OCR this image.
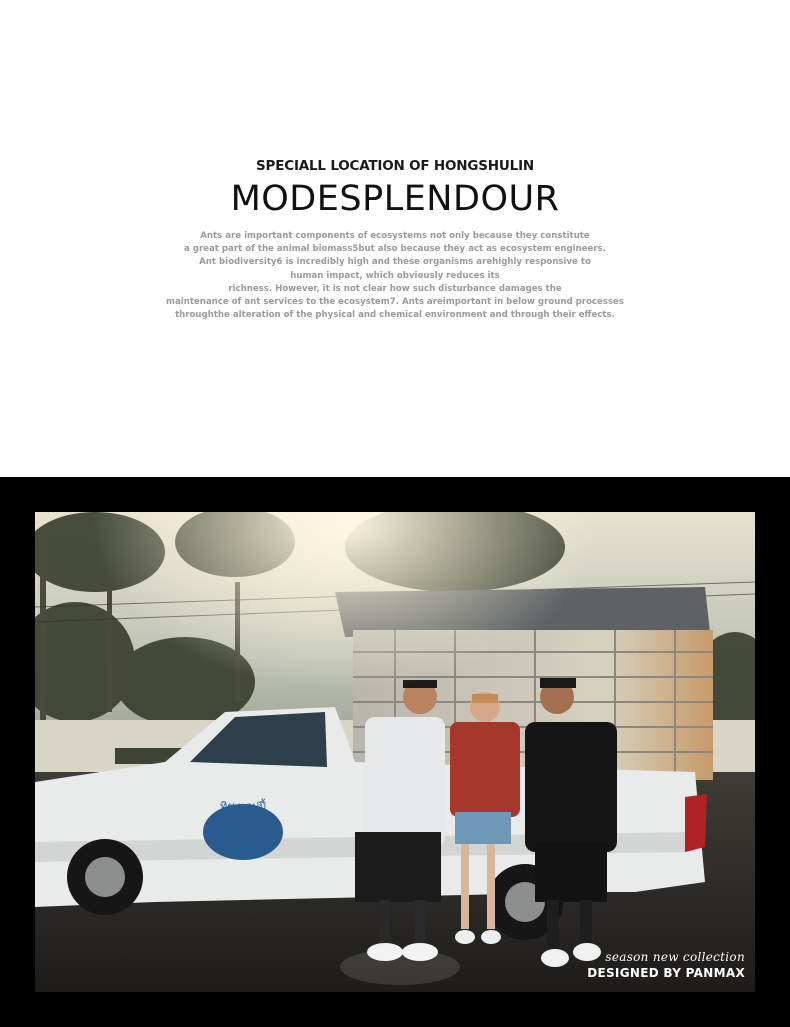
SPECIALL LOCATION OF HONGSHULIN
MODESPLENDOUR
Ants are important components of ecosystems not only because they constitute
a great part of the animal biomass5but also because they act as ecosystem engineers.
Ant biodiversity6 is incredibly high and these organisms arehighly responsive to
human impact, which obviously reduces its
richness. However, it is not clear how such disturbance damages the
maintenance of ant services to the ecosystem7. Ants areimportant in below ground processes
throughthe alteration of the physical and chemical environment and through their effects.
season new collection
DESIGNED BY PANMAX
